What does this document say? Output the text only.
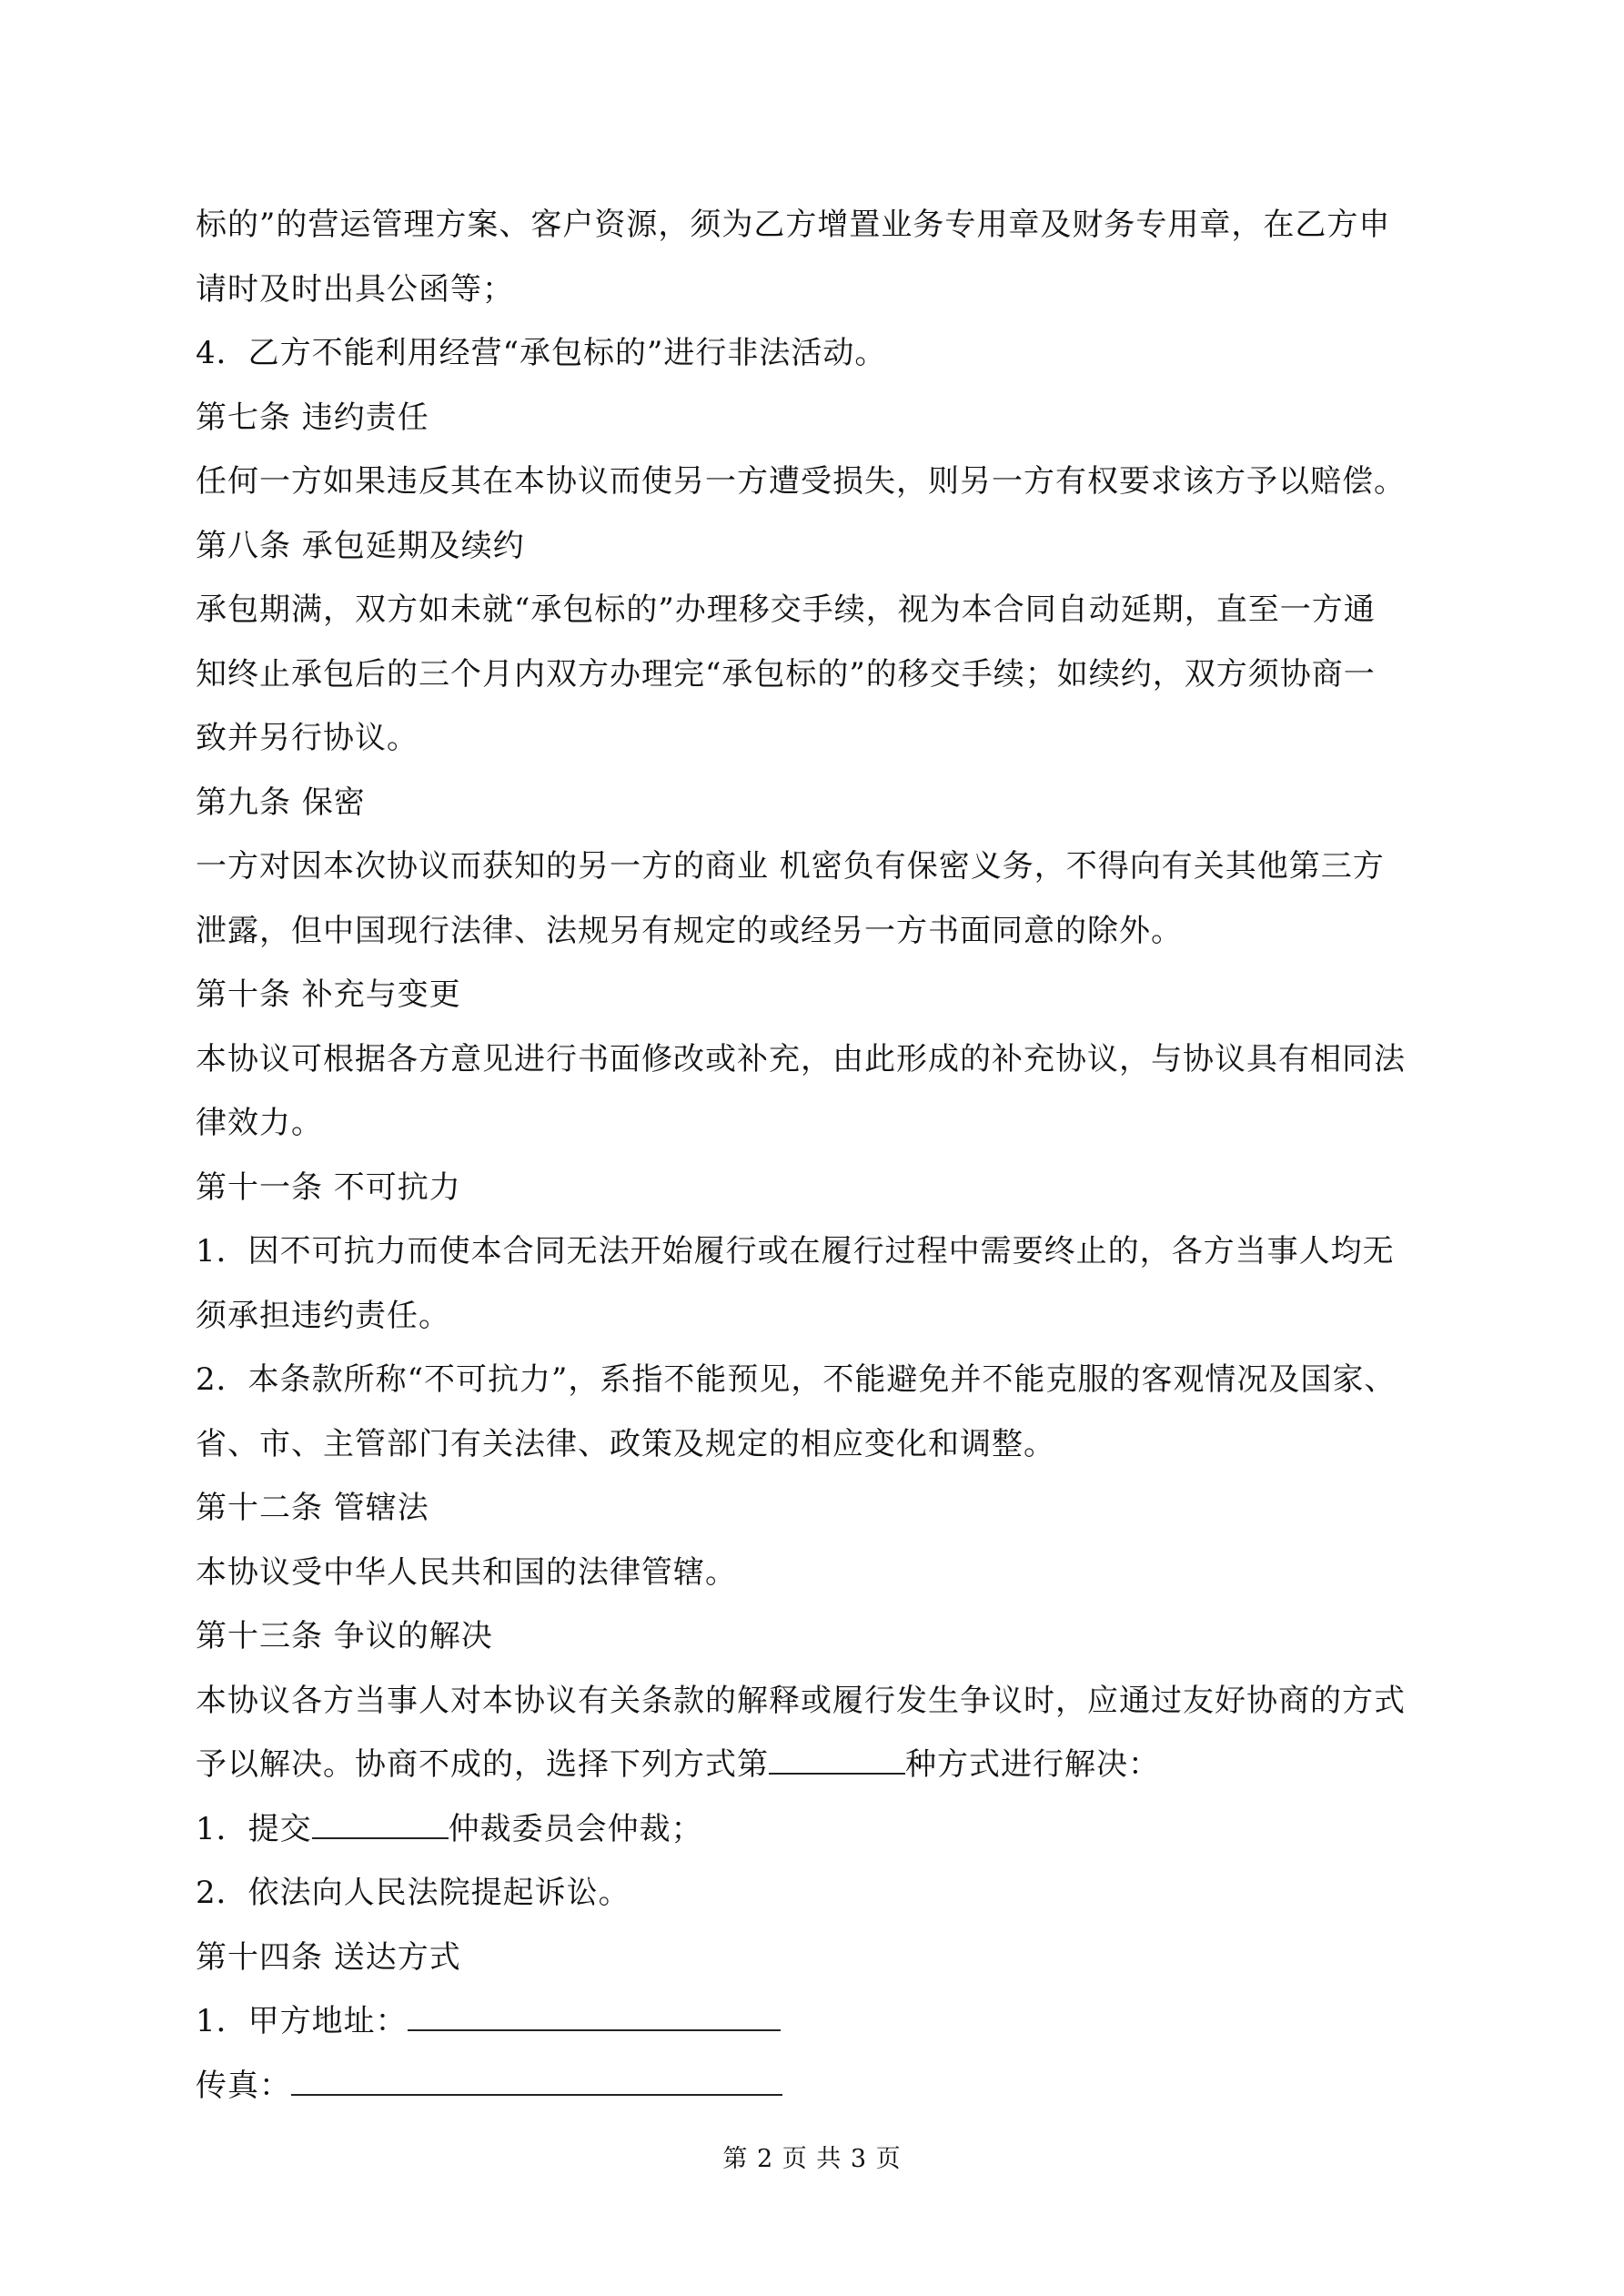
标的”的营运管理方案、客户资源，须为乙方增置业务专用章及财务专用章，在乙方申
请时及时出具公函等；
4．乙方不能利用经营“承包标的”进行非法活动。
第七条 违约责任
任何一方如果违反其在本协议而使另一方遭受损失，则另一方有权要求该方予以赔偿。
第八条 承包延期及续约
承包期满，双方如未就“承包标的”办理移交手续，视为本合同自动延期，直至一方通
知终止承包后的三个月内双方办理完“承包标的”的移交手续；如续约，双方须协商一
致并另行协议。
第九条 保密
一方对因本次协议而获知的另一方的商业 机密负有保密义务，不得向有关其他第三方
泄露，但中国现行法律、法规另有规定的或经另一方书面同意的除外。
第十条 补充与变更
本协议可根据各方意见进行书面修改或补充，由此形成的补充协议，与协议具有相同法
律效力。
第十一条 不可抗力
1．因不可抗力而使本合同无法开始履行或在履行过程中需要终止的，各方当事人均无
须承担违约责任。
2．本条款所称“不可抗力”，系指不能预见，不能避免并不能克服的客观情况及国家、
省、市、主管部门有关法律、政策及规定的相应变化和调整。
第十二条 管辖法
本协议受中华人民共和国的法律管辖。
第十三条 争议的解决
本协议各方当事人对本协议有关条款的解释或履行发生争议时，应通过友好协商的方式
予以解决。协商不成的，选择下列方式第	种方式进行解决：
1．提交	仲裁委员会仲裁；
2．依法向人民法院提起诉讼。
第十四条 送达方式
1．甲方地址：
传真：
第 2 页 共 3 页
